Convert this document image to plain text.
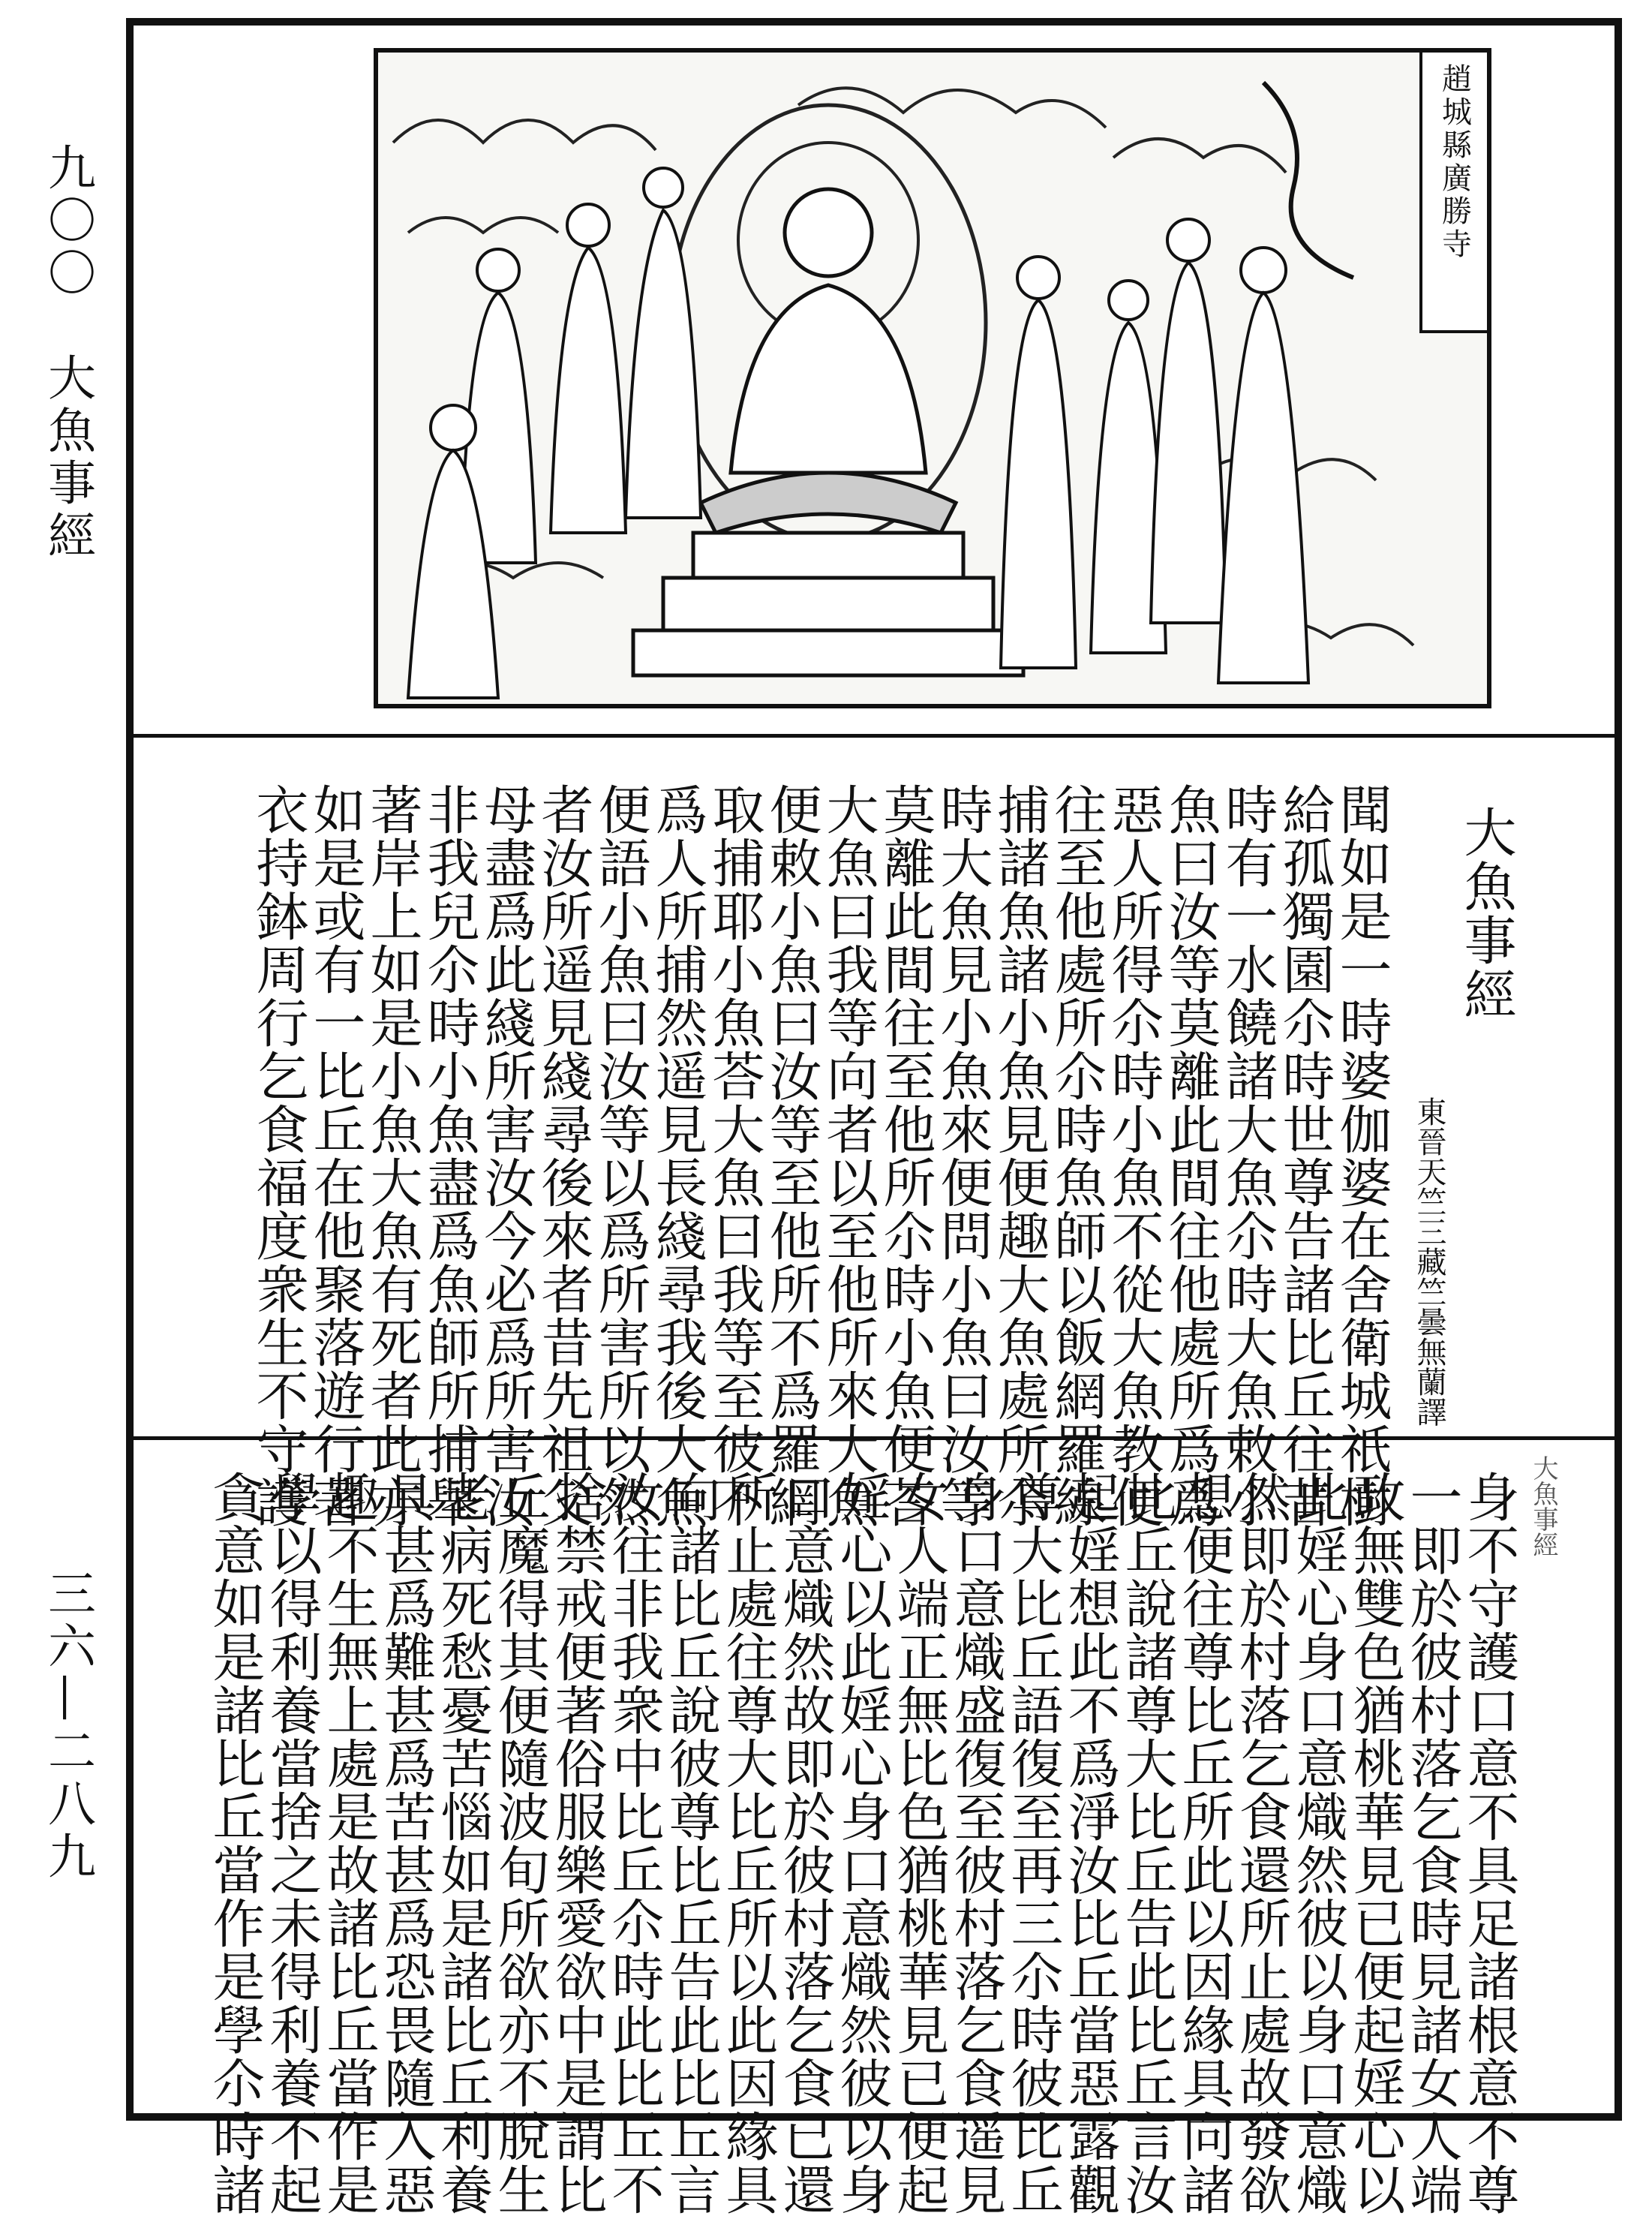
九〇〇　大魚事經
三六—二八九
趙城縣廣勝寺
大魚事經
東晉天竺三藏竺曇無蘭譯
聞如是一時婆伽婆在舍衛城祇樹
給孤獨園尒時世尊告諸比丘往昔
時有一水饒諸大魚尒時大魚敕小
魚曰汝等莫離此間往他處所爲爲
惡人所得尒時小魚不從大魚教便
往至他處所尒時魚師以飯網羅線
捕諸魚諸小魚見便趣大魚處所尒
時大魚見小魚來便問小魚曰汝等
莫離此間往至他所尒時小魚便荅
大魚曰我等向者以至他所來大魚
便敕小魚曰汝等至他所不爲羅網
取捕耶小魚荅大魚曰我等至彼不
爲人所捕然遥見長綫尋我後大魚
便語小魚曰汝等以爲所害所以然
者汝所遥見綫尋後來者昔先祖父
母盡爲此綫所害汝今必爲所害汝
非我兒尒時小魚盡爲魚師所捕舉
著岸上如是小魚大魚有死者此亦
如是或有一比丘在他聚落遊行著
衣持鉢周行乞食福度衆生不守護	大魚事經
身不守護口意不具足諸根意不尊
一即於彼村落乞食時見諸女人端
政無雙色猶桃華見已便起婬心以
此婬心身口意熾然彼以身口意熾
然即於村落乞食還所止處故發欲
想便往尊比丘所此以因緣具向諸
比丘說諸尊大比丘告此比丘言汝
起婬想此不爲淨汝比丘當惡露觀
尊大比丘語復至再三尒時彼比丘
身口意熾盛復至彼村落乞食遥見
女人端正無比色猶桃華見已便起
婬心以此婬心身口意熾然彼以身
口意熾然故即於彼村落乞食已還
所止處往尊大比丘所以此因緣具
向諸比丘說彼尊比丘告此比丘言
汝往非我衆中比丘尒時此比丘不
捨禁戒便著俗服樂愛欲中是謂比
丘魔得其便隨波旬所欲亦不脫生
老病死愁憂苦惱如是諸比丘利養
具甚爲難甚爲苦甚爲恐畏隨入惡
趣不生無上處是故諸比丘當作是
學以得利養當捨之未得利養不起
貪意如是諸比丘當作是學尒時諸
